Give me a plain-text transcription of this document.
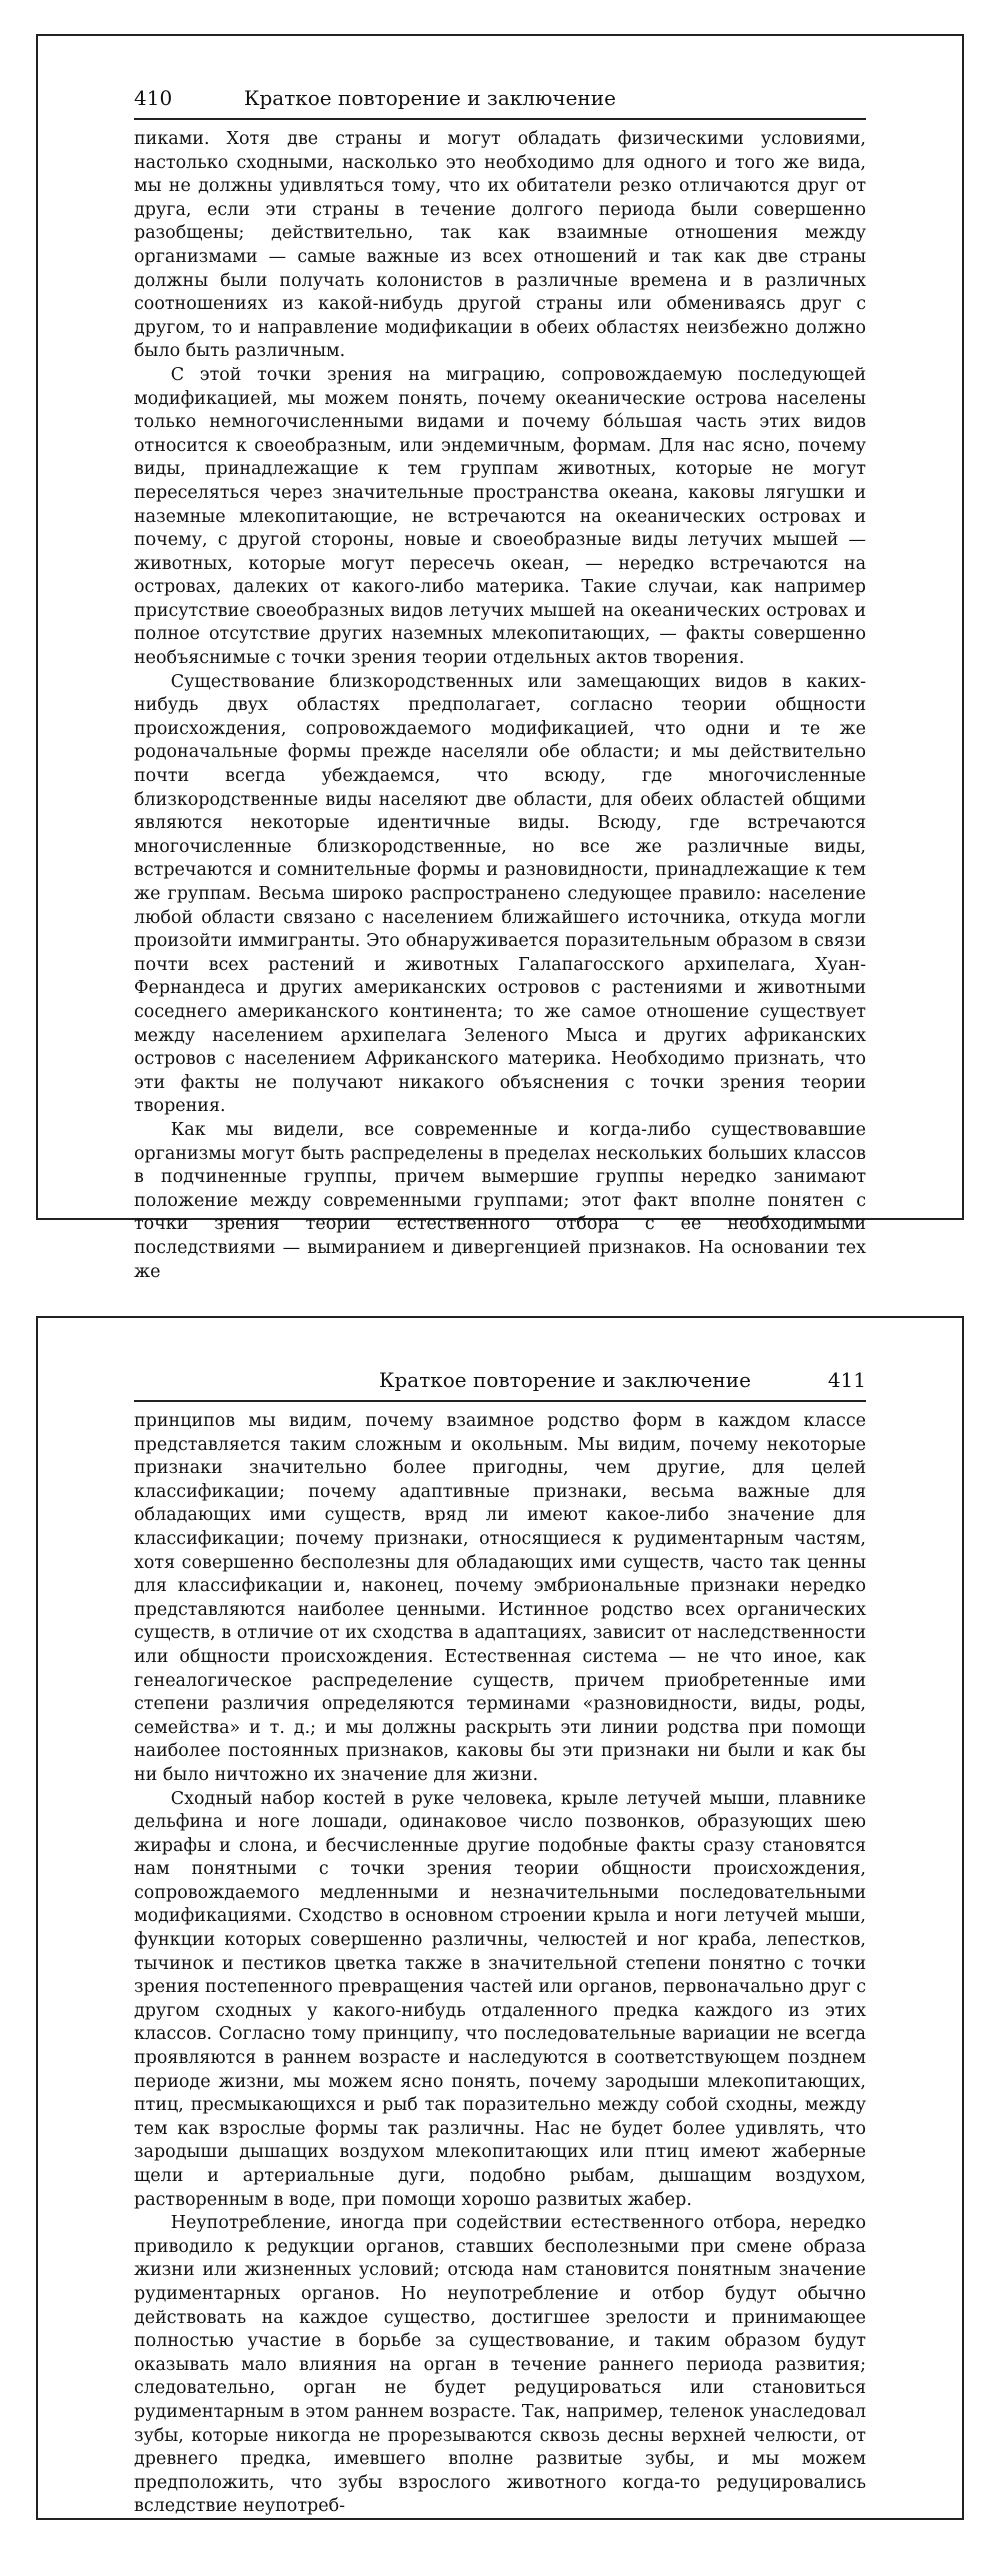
410	Краткое повторение и заключение

пиками. Хотя две страны и могут обладать физическими условиями, настолько сходными, насколько это необходимо для одного и того же вида, мы не должны удивляться тому, что их обитатели резко отличаются друг от друга, если эти страны в течение долгого периода были совершенно разобщены; действительно, так как взаимные отношения между организмами — самые важные из всех отношений и так как две страны должны были получать колонистов в различные времена и в различных соотношениях из какой-нибудь другой страны или обмениваясь друг с другом, то и направление модификации в обеих областях неизбежно должно было быть различным.

С этой точки зрения на миграцию, сопровождаемую последующей модификацией, мы можем понять, почему океанические острова населены только немногочисленными видами и почему бо́льшая часть этих видов относится к своеобразным, или эндемичным, формам. Для нас ясно, почему виды, принадлежащие к тем группам животных, которые не могут переселяться через значительные пространства океана, каковы лягушки и наземные млекопитающие, не встречаются на океанических островах и почему, с другой стороны, новые и своеобразные виды летучих мышей — животных, которые могут пересечь океан, — нередко встречаются на островах, далеких от какого-либо материка. Такие случаи, как например присутствие своеобразных видов летучих мышей на океанических островах и полное отсутствие других наземных млекопитающих, — факты совершенно необъяснимые с точки зрения теории отдельных актов творения.

Существование близкородственных или замещающих видов в каких-нибудь двух областях предполагает, согласно теории общности происхождения, сопровождаемого модификацией, что одни и те же родоначальные формы прежде населяли обе области; и мы действительно почти всегда убеждаемся, что всюду, где многочисленные близкородственные виды населяют две области, для обеих областей общими являются некоторые идентичные виды. Всюду, где встречаются многочисленные близкородственные, но все же различные виды, встречаются и сомнительные формы и разновидности, принадлежащие к тем же группам. Весьма широко распространено следующее правило: население любой области связано с населением ближайшего источника, откуда могли произойти иммигранты. Это обнаруживается поразительным образом в связи почти всех растений и животных Галапагосского архипелага, Хуан-Фернандеса и других американских островов с растениями и животными соседнего американского континента; то же самое отношение существует между населением архипелага Зеленого Мыса и других африканских островов с населением Африканского материка. Необходимо признать, что эти факты не получают никакого объяснения с точки зрения теории творения.

Как мы видели, все современные и когда-либо существовавшие организмы могут быть распределены в пределах нескольких больших классов в подчиненные группы, причем вымершие группы нередко занимают положение между современными группами; этот факт вполне понятен с точки зрения теории естественного отбора с ее необходимыми последствиями — вымиранием и дивергенцией признаков. На основании тех же

Краткое повторение и заключение	411

принципов мы видим, почему взаимное родство форм в каждом классе представляется таким сложным и окольным. Мы видим, почему некоторые признаки значительно более пригодны, чем другие, для целей классификации; почему адаптивные признаки, весьма важные для обладающих ими существ, вряд ли имеют какое-либо значение для классификации; почему признаки, относящиеся к рудиментарным частям, хотя совершенно бесполезны для обладающих ими существ, часто так ценны для классификации и, наконец, почему эмбриональные признаки нередко представляются наиболее ценными. Истинное родство всех органических существ, в отличие от их сходства в адаптациях, зависит от наследственности или общности происхождения. Естественная система — не что иное, как генеалогическое распределение существ, причем приобретенные ими степени различия определяются терминами «разновидности, виды, роды, семейства» и т. д.; и мы должны раскрыть эти линии родства при помощи наиболее постоянных признаков, каковы бы эти признаки ни были и как бы ни было ничтожно их значение для жизни.

Сходный набор костей в руке человека, крыле летучей мыши, плавнике дельфина и ноге лошади, одинаковое число позвонков, образующих шею жирафы и слона, и бесчисленные другие подобные факты сразу становятся нам понятными с точки зрения теории общности происхождения, сопровождаемого медленными и незначительными последовательными модификациями. Сходство в основном строении крыла и ноги летучей мыши, функции которых совершенно различны, челюстей и ног краба, лепестков, тычинок и пестиков цветка также в значительной степени понятно с точки зрения постепенного превращения частей или органов, первоначально друг с другом сходных у какого-нибудь отдаленного предка каждого из этих классов. Согласно тому принципу, что последовательные вариации не всегда проявляются в раннем возрасте и наследуются в соответствующем позднем периоде жизни, мы можем ясно понять, почему зародыши млекопитающих, птиц, пресмыкающихся и рыб так поразительно между собой сходны, между тем как взрослые формы так различны. Нас не будет более удивлять, что зародыши дышащих воздухом млекопитающих или птиц имеют жаберные щели и артериальные дуги, подобно рыбам, дышащим воздухом, растворенным в воде, при помощи хорошо развитых жабер.

Неупотребление, иногда при содействии естественного отбора, нередко приводило к редукции органов, ставших бесполезными при смене образа жизни или жизненных условий; отсюда нам становится понятным значение рудиментарных органов. Но неупотребление и отбор будут обычно действовать на каждое существо, достигшее зрелости и принимающее полностью участие в борьбе за существование, и таким образом будут оказывать мало влияния на орган в течение раннего периода развития; следовательно, орган не будет редуцироваться или становиться рудиментарным в этом раннем возрасте. Так, например, теленок унаследовал зубы, которые никогда не прорезываются сквозь десны верхней челюсти, от древнего предка, имевшего вполне развитые зубы, и мы можем предположить, что зубы взрослого животного когда-то редуцировались вследствие неупотреб-
